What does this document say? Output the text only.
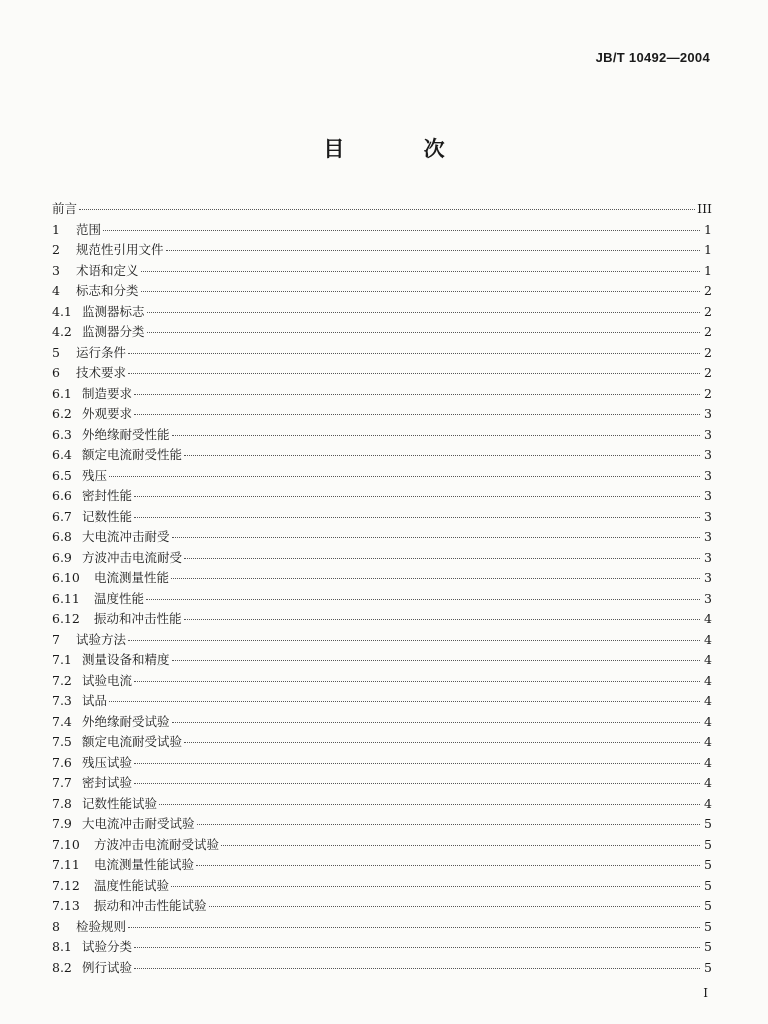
JB/T 10492—2004
目 次
前言	III
1	范围	1
2	规范性引用文件	1
3	术语和定义	1
4	标志和分类	2
4.1 监测器标志	2
4.2 监测器分类	2
5	运行条件	2
6	技术要求	2
6.1 制造要求	2
6.2 外观要求	3
6.3 外绝缘耐受性能	3
6.4 额定电流耐受性能	3
6.5 残压	3
6.6 密封性能	3
6.7 记数性能	3
6.8 大电流冲击耐受	3
6.9 方波冲击电流耐受	3
6.10	电流测量性能	3
6.11	温度性能	3
6.12	振动和冲击性能	4
7	试验方法	4
7.1 测量设备和精度	4
7.2 试验电流	4
7.3 试品	4
7.4 外绝缘耐受试验	4
7.5 额定电流耐受试验	4
7.6 残压试验	4
7.7 密封试验	4
7.8 记数性能试验	4
7.9 大电流冲击耐受试验	5
7.10	方波冲击电流耐受试验	5
7.11	电流测量性能试验	5
7.12	温度性能试验	5
7.13	振动和冲击性能试验	5
8	检验规则	5
8.1 试验分类	5
8.2 例行试验	5
I
